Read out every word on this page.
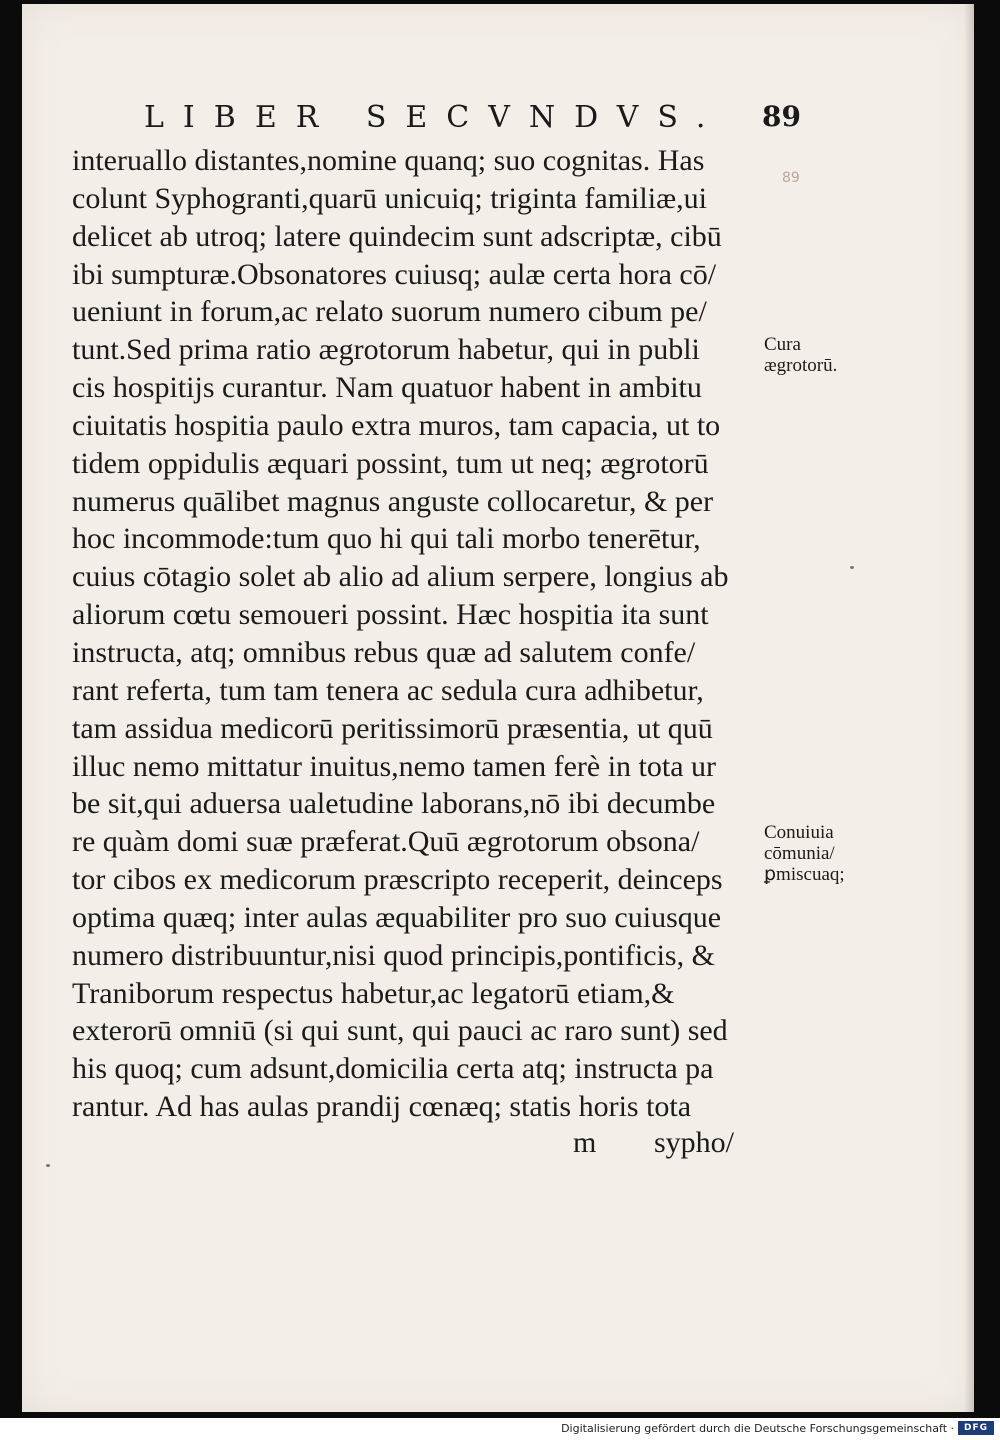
LIBER SECVNDVS. 89
89
interuallo distantes,nomine quanq; suo cognitas. Has
colunt Syphogranti,quarū unicuiq; triginta familiæ,ui
delicet ab utroq; latere quindecim sunt adscriptæ, cibū
ibi sumpturæ.Obsonatores cuiusq; aulæ certa hora cō/
ueniunt in forum,ac relato suorum numero cibum pe/
tunt.Sed prima ratio ægrotorum habetur, qui in publi
cis hospitijs curantur. Nam quatuor habent in ambitu
ciuitatis hospitia paulo extra muros, tam capacia, ut to
tidem oppidulis æquari possint, tum ut neq; ægrotorū
numerus quālibet magnus anguste collocaretur, & per
hoc incommode:tum quo hi qui tali morbo tenerētur,
cuius cōtagio solet ab alio ad alium serpere, longius ab
aliorum cœtu semoueri possint. Hæc hospitia ita sunt
instructa, atq; omnibus rebus quæ ad salutem confe/
rant referta, tum tam tenera ac sedula cura adhibetur,
tam assidua medicorū peritissimorū præsentia, ut quū
illuc nemo mittatur inuitus,nemo tamen ferè in tota ur
be sit,qui aduersa ualetudine laborans,nō ibi decumbe
re quàm domi suæ præferat.Quū ægrotorum obsona/
tor cibos ex medicorum præscripto receperit, deinceps
optima quæq; inter aulas æquabiliter pro suo cuiusque
numero distribuuntur,nisi quod principis,pontificis, &
Traniborum respectus habetur,ac legatorū etiam,&
exterorū omniū (si qui sunt, qui pauci ac raro sunt) sed
his quoq; cum adsunt,domicilia certa atq; instructa pa
rantur. Ad has aulas prandij cœnæq; statis horis tota
m sypho/
Cura
ægrotorū.
Conuiuia
cōmunia/
ꝑmiscuaq;
Digitalisierung gefördert durch die Deutsche Forschungsgemeinschaft ·	DFG
